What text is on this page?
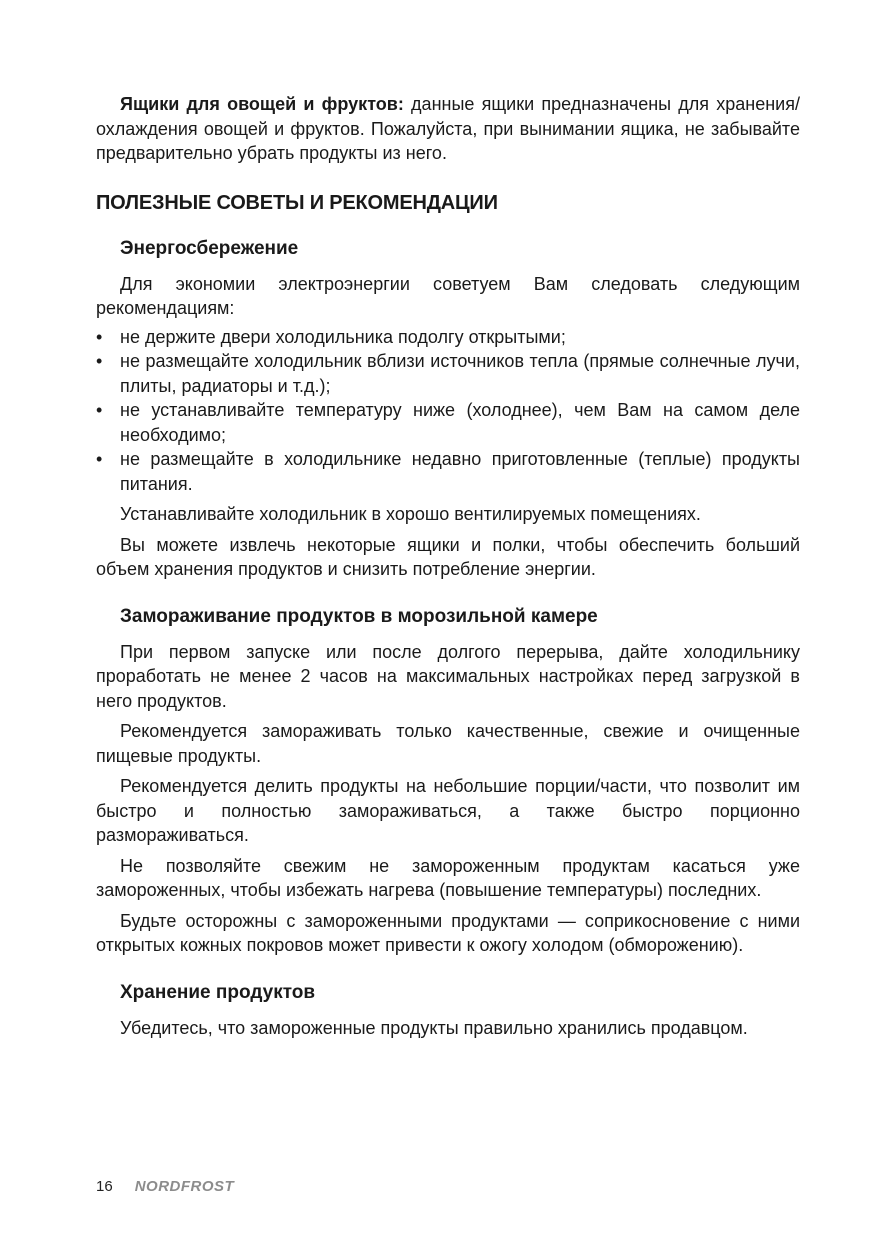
Ящики для овощей и фруктов: данные ящики предназначены для хранения/охлаждения овощей и фруктов. Пожалуйста, при вынимании ящика, не забывайте предварительно убрать продукты из него.

ПОЛЕЗНЫЕ СОВЕТЫ И РЕКОМЕНДАЦИИ
Энергосбережение

Для экономии электроэнергии советуем Вам следовать следующим рекомендациям:

• не держите двери холодильника подолгу открытыми;
• не размещайте холодильник вблизи источников тепла (прямые солнечные лучи, плиты, радиаторы и т.д.);
• не устанавливайте температуру ниже (холоднее), чем Вам на самом деле необходимо;
• не размещайте в холодильнике недавно приготовленные (теплые) продукты питания.

Устанавливайте холодильник в хорошо вентилируемых помещениях.

Вы можете извлечь некоторые ящики и полки, чтобы обеспечить больший объем хранения продуктов и снизить потребление энергии.

Замораживание продуктов в морозильной камере

При первом запуске или после долгого перерыва, дайте холодильнику проработать не менее 2 часов на максимальных настройках перед загрузкой в него продуктов.

Рекомендуется замораживать только качественные, свежие и очищенные пищевые продукты.

Рекомендуется делить продукты на небольшие порции/части, что позволит им быстро и полностью замораживаться, а также быстро порционно размораживаться.

Не позволяйте свежим не замороженным продуктам касаться уже замороженных, чтобы избежать нагрева (повышение температуры) последних.

Будьте осторожны с замороженными продуктами — соприкосновение с ними открытых кожных покровов может привести к ожогу холодом (обморожению).

Хранение продуктов

Убедитесь, что замороженные продукты правильно хранились продавцом.

16 NORDFROST
